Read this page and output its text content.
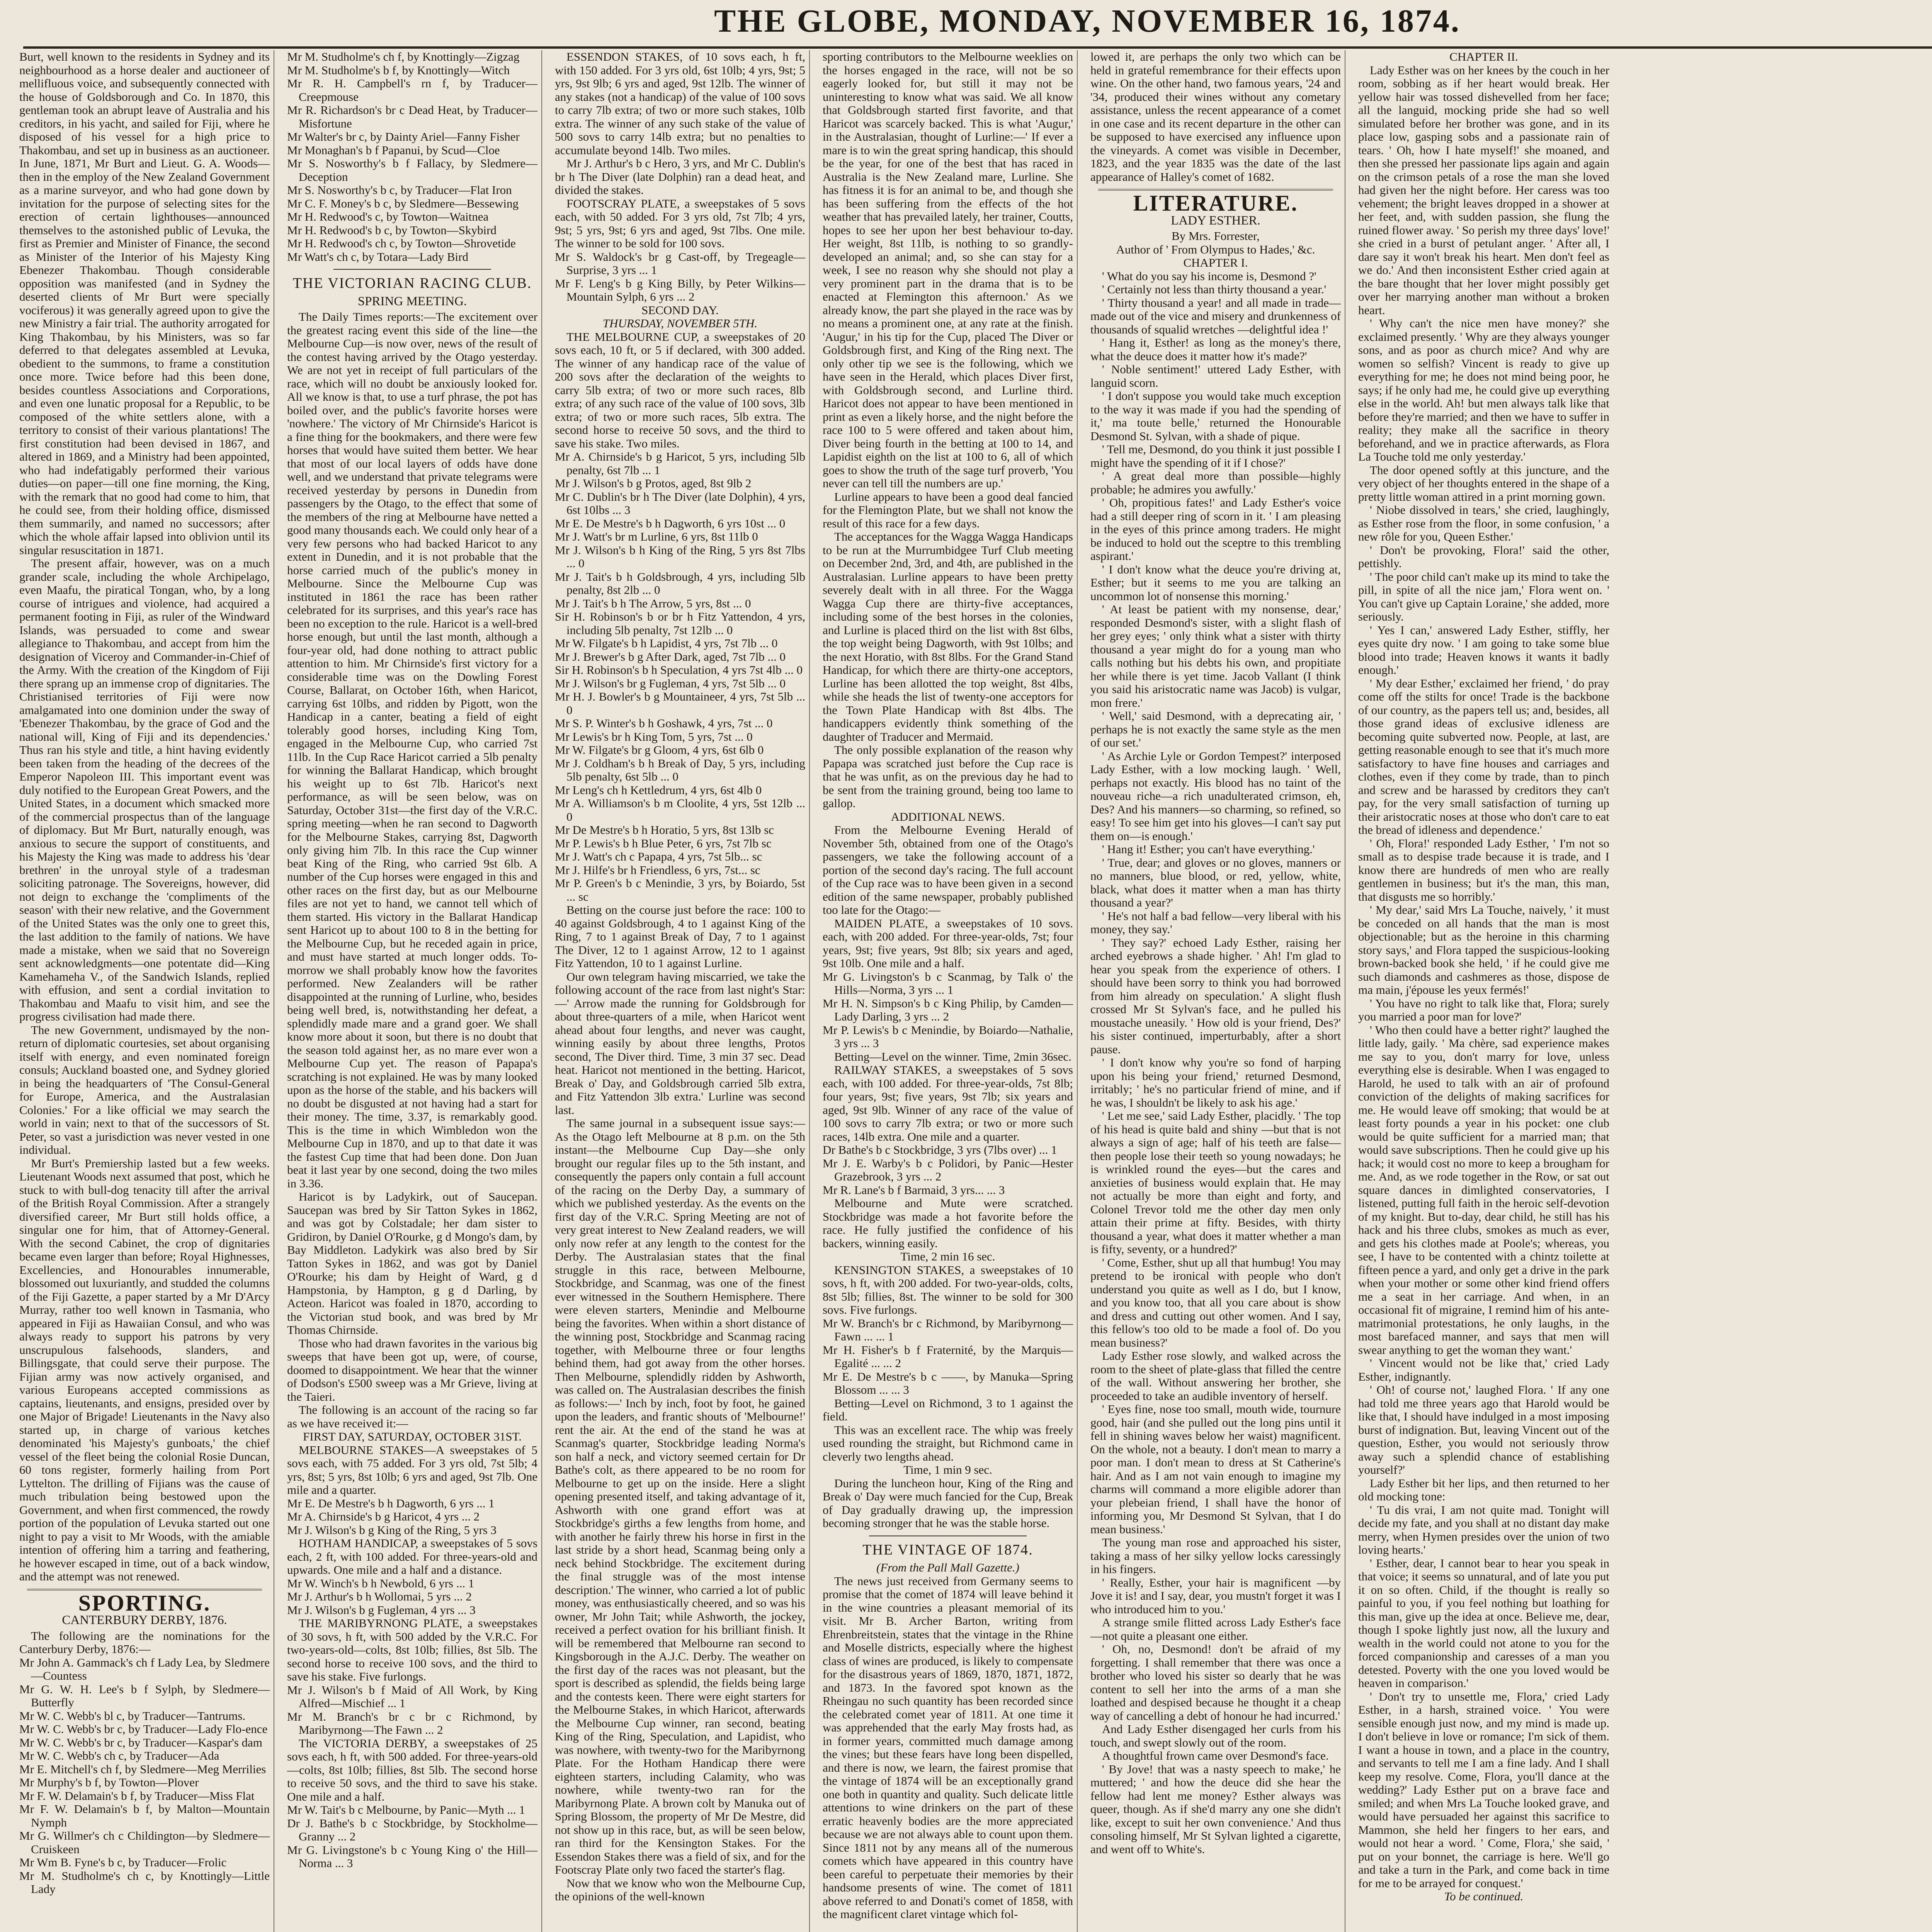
THE GLOBE, MONDAY, NOVEMBER 16, 1874.

Burt, well known to the residents in Sydney and its neighbourhood as a horse dealer and auctioneer of mellifluous voice, and subsequently connected with the house of Goldsborough and Co. In 1870, this gentleman took an abrupt leave of Australia and his creditors, in his yacht, and sailed for Fiji, where he disposed of his vessel for a high price to Thakombau, and set up in business as an auctioneer. In June, 1871, Mr Burt and Lieut. G. A. Woods—then in the employ of the New Zealand Government as a marine surveyor, and who had gone down by invitation for the purpose of selecting sites for the erection of certain lighthouses—announced themselves to the astonished public of Levuka, the first as Premier and Minister of Finance, the second as Minister of the Interior of his Majesty King Ebenezer Thakombau. Though considerable opposition was manifested (and in Sydney the deserted clients of Mr Burt were specially vociferous) it was generally agreed upon to give the new Ministry a fair trial. The authority arrogated for King Thakombau, by his Ministers, was so far deferred to that delegates assembled at Levuka, obedient to the summons, to frame a constitution once more. Twice before had this been done, besides countless Associations and Corporations, and even one lunatic proposal for a Republic, to be composed of the white settlers alone, with a territory to consist of their various plantations! The first constitution had been devised in 1867, and altered in 1869, and a Ministry had been appointed, who had indefatigably performed their various duties—on paper—till one fine morning, the King, with the remark that no good had come to him, that he could see, from their holding office, dismissed them summarily, and named no successors; after which the whole affair lapsed into oblivion until its singular resuscitation in 1871.

The present affair, however, was on a much grander scale, including the whole Archipelago, even Maafu, the piratical Tongan, who, by a long course of intrigues and violence, had acquired a permanent footing in Fiji, as ruler of the Windward Islands, was persuaded to come and swear allegiance to Thakombau, and accept from him the designation of Viceroy and Commander-in-Chief of the Army. With the creation of the Kingdom of Fiji there sprang up an immense crop of dignitaries. The Christianised territories of Fiji were now amalgamated into one dominion under the sway of 'Ebenezer Thakombau, by the grace of God and the national will, King of Fiji and its dependencies.' Thus ran his style and title, a hint having evidently been taken from the heading of the decrees of the Emperor Napoleon III. This important event was duly notified to the European Great Powers, and the United States, in a document which smacked more of the commercial prospectus than of the language of diplomacy. But Mr Burt, naturally enough, was anxious to secure the support of constituents, and his Majesty the King was made to address his 'dear brethren' in the unroyal style of a tradesman soliciting patronage. The Sovereigns, however, did not deign to exchange the 'compliments of the season' with their new relative, and the Government of the United States was the only one to greet this, the last addition to the family of nations. We have made a mistake, when we said that no Sovereign sent acknowledgments—one potentate did—King Kamehameha V., of the Sandwich Islands, replied with effusion, and sent a cordial invitation to Thakombau and Maafu to visit him, and see the progress civilisation had made there.

The new Government, undismayed by the non-return of diplomatic courtesies, set about organising itself with energy, and even nominated foreign consuls; Auckland boasted one, and Sydney gloried in being the headquarters of 'The Consul-General for Europe, America, and the Australasian Colonies.' For a like official we may search the world in vain; next to that of the successors of St. Peter, so vast a jurisdiction was never vested in one individual.

Mr Burt's Premiership lasted but a few weeks. Lieutenant Woods next assumed that post, which he stuck to with bull-dog tenacity till after the arrival of the British Royal Commission. After a strangely diversified career, Mr Burt still holds office, a singular one for him, that of Attorney-General. With the second Cabinet, the crop of dignitaries became even larger than before; Royal Highnesses, Excellencies, and Honourables innumerable, blossomed out luxuriantly, and studded the columns of the Fiji Gazette, a paper started by a Mr D'Arcy Murray, rather too well known in Tasmania, who appeared in Fiji as Hawaiian Consul, and who was always ready to support his patrons by very unscrupulous falsehoods, slanders, and Billingsgate, that could serve their purpose. The Fijian army was now actively organised, and various Europeans accepted commissions as captains, lieutenants, and ensigns, presided over by one Major of Brigade! Lieutenants in the Navy also started up, in charge of various ketches denominated 'his Majesty's gunboats,' the chief vessel of the fleet being the colonial Rosie Duncan, 60 tons register, formerly hailing from Port Lyttelton. The drilling of Fijians was the cause of much tribulation being bestowed upon the Government, and when first commenced, the rowdy portion of the population of Levuka started out one night to pay a visit to Mr Woods, with the amiable intention of offering him a tarring and feathering, he however escaped in time, out of a back window, and the attempt was not renewed.

SPORTING.
CANTERBURY DERBY, 1876.

The following are the nominations for the Canterbury Derby, 1876:—

Mr John A. Gammack's ch f Lady Lea, by Sledmere—Countess

Mr G. W. H. Lee's b f Sylph, by Sledmere—Butterfly

Mr W. C. Webb's bl c, by Traducer—Tantrums.

Mr W. C. Webb's br c, by Traducer—Lady Flo-ence

Mr W. C. Webb's br c, by Traducer—Kaspar's dam

Mr W. C. Webb's ch c, by Traducer—Ada

Mr E. Mitchell's ch f, by Sledmere—Meg Merrilies

Mr Murphy's b f, by Towton—Plover

Mr F. W. Delamain's b f, by Traducer—Miss Flat

Mr F. W. Delamain's b f, by Malton—Mountain Nymph

Mr G. Willmer's ch c Childington—by Sledmere—Cruiskeen

Mr Wm B. Fyne's b c, by Traducer—Frolic

Mr M. Studholme's ch c, by Knottingly—Little Lady

Mr M. Studholme's ch f, by Knottingly—Zigzag

Mr M. Studholme's b f, by Knottingly—Witch

Mr R. H. Campbell's rn f, by Traducer—Creepmouse

Mr R. Richardson's br c Dead Heat, by Traducer—Misfortune

Mr Walter's br c, by Dainty Ariel—Fanny Fisher

Mr Monaghan's b f Papanui, by Scud—Cloe

Mr S. Nosworthy's b f Fallacy, by Sledmere—Deception

Mr S. Nosworthy's b c, by Traducer—Flat Iron

Mr C. F. Money's b c, by Sledmere—Bessewing

Mr H. Redwood's c, by Towton—Waitnea

Mr H. Redwood's b c, by Towton—Skybird

Mr H. Redwood's ch c, by Towton—Shrovetide

Mr Watt's ch c, by Totara—Lady Bird

THE VICTORIAN RACING CLUB.
SPRING MEETING.

The Daily Times reports:—The excitement over the greatest racing event this side of the line—the Melbourne Cup—is now over, news of the result of the contest having arrived by the Otago yesterday. We are not yet in receipt of full particulars of the race, which will no doubt be anxiously looked for. All we know is that, to use a turf phrase, the pot has boiled over, and the public's favorite horses were 'nowhere.' The victory of Mr Chirnside's Haricot is a fine thing for the bookmakers, and there were few horses that would have suited them better. We hear that most of our local layers of odds have done well, and we understand that private telegrams were received yesterday by persons in Dunedin from passengers by the Otago, to the effect that some of the members of the ring at Melbourne have netted a good many thousands each. We could only hear of a very few persons who had backed Haricot to any extent in Dunedin, and it is not probable that the horse carried much of the public's money in Melbourne. Since the Melbourne Cup was instituted in 1861 the race has been rather celebrated for its surprises, and this year's race has been no exception to the rule. Haricot is a well-bred horse enough, but until the last month, although a four-year old, had done nothing to attract public attention to him. Mr Chirnside's first victory for a considerable time was on the Dowling Forest Course, Ballarat, on October 16th, when Haricot, carrying 6st 10lbs, and ridden by Pigott, won the Handicap in a canter, beating a field of eight tolerably good horses, including King Tom, engaged in the Melbourne Cup, who carried 7st 11lb. In the Cup Race Haricot carried a 5lb penalty for winning the Ballarat Handicap, which brought his weight up to 6st 7lb. Haricot's next performance, as will be seen below, was on Saturday, October 31st—the first day of the V.R.C. spring meeting—when he ran second to Dagworth for the Melbourne Stakes, carrying 8st, Dagworth only giving him 7lb. In this race the Cup winner beat King of the Ring, who carried 9st 6lb. A number of the Cup horses were engaged in this and other races on the first day, but as our Melbourne files are not yet to hand, we cannot tell which of them started. His victory in the Ballarat Handicap sent Haricot up to about 100 to 8 in the betting for the Melbourne Cup, but he receded again in price, and must have started at much longer odds. To-morrow we shall probably know how the favorites performed. New Zealanders will be rather disappointed at the running of Lurline, who, besides being well bred, is, notwithstanding her defeat, a splendidly made mare and a grand goer. We shall know more about it soon, but there is no doubt that the season told against her, as no mare ever won a Melbourne Cup yet. The reason of Papapa's scratching is not explained. He was by many looked upon as the horse of the stable, and his backers will no doubt be disgusted at not having had a start for their money. The time, 3.37, is remarkably good. This is the time in which Wimbledon won the Melbourne Cup in 1870, and up to that date it was the fastest Cup time that had been done. Don Juan beat it last year by one second, doing the two miles in 3.36.

Haricot is by Ladykirk, out of Saucepan. Saucepan was bred by Sir Tatton Sykes in 1862, and was got by Colstadale; her dam sister to Gridiron, by Daniel O'Rourke, g d Mongo's dam, by Bay Middleton. Ladykirk was also bred by Sir Tatton Sykes in 1862, and was got by Daniel O'Rourke; his dam by Height of Ward, g d Hampstonia, by Hampton, g g d Darling, by Acteon. Haricot was foaled in 1870, according to the Victorian stud book, and was bred by Mr Thomas Chirnside.

Those who had drawn favorites in the various big sweeps that have been got up, were, of course, doomed to disappointment. We hear that the winner of Dodson's £500 sweep was a Mr Grieve, living at the Taieri.

The following is an account of the racing so far as we have received it:—

FIRST DAY, SATURDAY, OCTOBER 31ST.

MELBOURNE STAKES—A sweepstakes of 5 sovs each, with 75 added. For 3 yrs old, 7st 5lb; 4 yrs, 8st; 5 yrs, 8st 10lb; 6 yrs and aged, 9st 7lb. One mile and a quarter.

Mr E. De Mestre's b h Dagworth, 6 yrs ... 1

Mr A. Chirnside's b g Haricot, 4 yrs ... 2

Mr J. Wilson's b g King of the Ring, 5 yrs 3

HOTHAM HANDICAP, a sweepstakes of 5 sovs each, 2 ft, with 100 added. For three-years-old and upwards. One mile and a half and a distance.

Mr W. Winch's b h Newbold, 6 yrs ... 1

Mr J. Arthur's b h Wollomai, 5 yrs ... 2

Mr J. Wilson's b g Fugleman, 4 yrs ... 3

THE MARIBYRNONG PLATE, a sweepstakes of 30 sovs, h ft, with 500 added by the V.R.C. For two-years-old—colts, 8st 10lb; fillies, 8st 5lb. The second horse to receive 100 sovs, and the third to save his stake. Five furlongs.

Mr J. Wilson's b f Maid of All Work, by King Alfred—Mischief ... 1

Mr M. Branch's br c br c Richmond, by Maribyrnong—The Fawn ... 2

The VICTORIA DERBY, a sweepstakes of 25 sovs each, h ft, with 500 added. For three-years-old—colts, 8st 10lb; fillies, 8st 5lb. The second horse to receive 50 sovs, and the third to save his stake. One mile and a half.

Mr W. Tait's b c Melbourne, by Panic—Myth ... 1

Dr J. Bathe's b c Stockbridge, by Stockholme—Granny ... 2

Mr G. Livingstone's b c Young King o' the Hill—Norma ... 3

ESSENDON STAKES, of 10 sovs each, h ft, with 150 added. For 3 yrs old, 6st 10lb; 4 yrs, 9st; 5 yrs, 9st 9lb; 6 yrs and aged, 9st 12lb. The winner of any stakes (not a handicap) of the value of 100 sovs to carry 7lb extra; of two or more such stakes, 10lb extra. The winner of any such stake of the value of 500 sovs to carry 14lb extra; but no penalties to accumulate beyond 14lb. Two miles.

Mr J. Arthur's b c Hero, 3 yrs, and Mr C. Dublin's br h The Diver (late Dolphin) ran a dead heat, and divided the stakes.

FOOTSCRAY PLATE, a sweepstakes of 5 sovs each, with 50 added. For 3 yrs old, 7st 7lb; 4 yrs, 9st; 5 yrs, 9st; 6 yrs and aged, 9st 7lbs. One mile. The winner to be sold for 100 sovs.

Mr S. Waldock's br g Cast-off, by Tregeagle—Surprise, 3 yrs ... 1

Mr F. Leng's b g King Billy, by Peter Wilkins—Mountain Sylph, 6 yrs ... 2

SECOND DAY.

THURSDAY, NOVEMBER 5TH.

THE MELBOURNE CUP, a sweepstakes of 20 sovs each, 10 ft, or 5 if declared, with 300 added. The winner of any handicap race of the value of 200 sovs after the declaration of the weights to carry 5lb extra; of two or more such races, 8lb extra; of any such race of the value of 100 sovs, 3lb extra; of two or more such races, 5lb extra. The second horse to receive 50 sovs, and the third to save his stake. Two miles.

Mr A. Chirnside's b g Haricot, 5 yrs, including 5lb penalty, 6st 7lb ... 1

Mr J. Wilson's b g Protos, aged, 8st 9lb 2

Mr C. Dublin's br h The Diver (late Dolphin), 4 yrs, 6st 10lbs ... 3

Mr E. De Mestre's b h Dagworth, 6 yrs 10st ... 0

Mr J. Watt's br m Lurline, 6 yrs, 8st 11lb 0

Mr J. Wilson's b h King of the Ring, 5 yrs 8st 7lbs ... 0

Mr J. Tait's b h Goldsbrough, 4 yrs, including 5lb penalty, 8st 2lb ... 0

Mr J. Tait's b h The Arrow, 5 yrs, 8st ... 0

Sir H. Robinson's b or br h Fitz Yattendon, 4 yrs, including 5lb penalty, 7st 12lb ... 0

Mr W. Filgate's b h Lapidist, 4 yrs, 7st 7lb ... 0

Mr J. Brewer's b g After Dark, aged, 7st 7lb ... 0

Sir H. Robinson's b h Speculation, 4 yrs 7st 4lb ... 0

Mr J. Wilson's br g Fugleman, 4 yrs, 7st 5lb ... 0

Mr H. J. Bowler's b g Mountaineer, 4 yrs, 7st 5lb ... 0

Mr S. P. Winter's b h Goshawk, 4 yrs, 7st ... 0

Mr Lewis's br h King Tom, 5 yrs, 7st ... 0

Mr W. Filgate's br g Gloom, 4 yrs, 6st 6lb 0

Mr J. Coldham's b h Break of Day, 5 yrs, including 5lb penalty, 6st 5lb ... 0

Mr Leng's ch h Kettledrum, 4 yrs, 6st 4lb 0

Mr A. Williamson's b m Cloolite, 4 yrs, 5st 12lb ... 0

Mr De Mestre's b h Horatio, 5 yrs, 8st 13lb sc

Mr P. Lewis's b h Blue Peter, 6 yrs, 7st 7lb sc

Mr J. Watt's ch c Papapa, 4 yrs, 7st 5lb... sc

Mr J. Hilfe's br h Friendless, 6 yrs, 7st... sc

Mr P. Green's b c Menindie, 3 yrs, by Boiardo, 5st ... sc

Betting on the course just before the race: 100 to 40 against Goldsbrough, 4 to 1 against King of the Ring, 7 to 1 against Break of Day, 7 to 1 against The Diver, 12 to 1 against Arrow, 12 to 1 against Fitz Yattendon, 10 to 1 against Lurline.

Our own telegram having miscarried, we take the following account of the race from last night's Star:—' Arrow made the running for Goldsbrough for about three-quarters of a mile, when Haricot went ahead about four lengths, and never was caught, winning easily by about three lengths, Protos second, The Diver third. Time, 3 min 37 sec. Dead heat. Haricot not mentioned in the betting. Haricot, Break o' Day, and Goldsbrough carried 5lb extra, and Fitz Yattendon 3lb extra.' Lurline was second last.

The same journal in a subsequent issue says:—As the Otago left Melbourne at 8 p.m. on the 5th instant—the Melbourne Cup Day—she only brought our regular files up to the 5th instant, and consequently the papers only contain a full account of the racing on the Derby Day, a summary of which we published yesterday. As the events on the first day of the V.R.C. Spring Meeting are not of very great interest to New Zealand readers, we will only now refer at any length to the contest for the Derby. The Australasian states that the final struggle in this race, between Melbourne, Stockbridge, and Scanmag, was one of the finest ever witnessed in the Southern Hemisphere. There were eleven starters, Menindie and Melbourne being the favorites. When within a short distance of the winning post, Stockbridge and Scanmag racing together, with Melbourne three or four lengths behind them, had got away from the other horses. Then Melbourne, splendidly ridden by Ashworth, was called on. The Australasian describes the finish as follows:—' Inch by inch, foot by foot, he gained upon the leaders, and frantic shouts of 'Melbourne!' rent the air. At the end of the stand he was at Scanmag's quarter, Stockbridge leading Norma's son half a neck, and victory seemed certain for Dr Bathe's colt, as there appeared to be no room for Melbourne to get up on the inside. Here a slight opening presented itself, and taking advantage of it, Ashworth with one grand effort was at Stockbridge's girths a few lengths from home, and with another he fairly threw his horse in first in the last stride by a short head, Scanmag being only a neck behind Stockbridge. The excitement during the final struggle was of the most intense description.' The winner, who carried a lot of public money, was enthusiastically cheered, and so was his owner, Mr John Tait; while Ashworth, the jockey, received a perfect ovation for his brilliant finish. It will be remembered that Melbourne ran second to Kingsborough in the A.J.C. Derby. The weather on the first day of the races was not pleasant, but the sport is described as splendid, the fields being large and the contests keen. There were eight starters for the Melbourne Stakes, in which Haricot, afterwards the Melbourne Cup winner, ran second, beating King of the Ring, Speculation, and Lapidist, who was nowhere, with twenty-two for the Maribyrnong Plate. For the Hotham Handicap there were eighteen starters, including Calamity, who was nowhere, while twenty-two ran for the Maribyrnong Plate. A brown colt by Manuka out of Spring Blossom, the property of Mr De Mestre, did not show up in this race, but, as will be seen below, ran third for the Kensington Stakes. For the Essendon Stakes there was a field of six, and for the Footscray Plate only two faced the starter's flag.

Now that we know who won the Melbourne Cup, the opinions of the well-known

sporting contributors to the Melbourne weeklies on the horses engaged in the race, will not be so eagerly looked for, but still it may not be uninteresting to know what was said. We all know that Goldsbrough started first favorite, and that Haricot was scarcely backed. This is what 'Augur,' in the Australasian, thought of Lurline:—' If ever a mare is to win the great spring handicap, this should be the year, for one of the best that has raced in Australia is the New Zealand mare, Lurline. She has fitness it is for an animal to be, and though she has been suffering from the effects of the hot weather that has prevailed lately, her trainer, Coutts, hopes to see her upon her best behaviour to-day. Her weight, 8st 11lb, is nothing to so grandly-developed an animal; and, so she can stay for a week, I see no reason why she should not play a very prominent part in the drama that is to be enacted at Flemington this afternoon.' As we already know, the part she played in the race was by no means a prominent one, at any rate at the finish. 'Augur,' in his tip for the Cup, placed The Diver or Goldsbrough first, and King of the Ring next. The only other tip we see is the following, which we have seen in the Herald, which places Diver first, with Goldsbrough second, and Lurline third. Haricot does not appear to have been mentioned in print as even a likely horse, and the night before the race 100 to 5 were offered and taken about him, Diver being fourth in the betting at 100 to 14, and Lapidist eighth on the list at 100 to 6, all of which goes to show the truth of the sage turf proverb, 'You never can tell till the numbers are up.'

Lurline appears to have been a good deal fancied for the Flemington Plate, but we shall not know the result of this race for a few days.

The acceptances for the Wagga Wagga Handicaps to be run at the Murrumbidgee Turf Club meeting on December 2nd, 3rd, and 4th, are published in the Australasian. Lurline appears to have been pretty severely dealt with in all three. For the Wagga Wagga Cup there are thirty-five acceptances, including some of the best horses in the colonies, and Lurline is placed third on the list with 8st 6lbs, the top weight being Dagworth, with 9st 10lbs; and the next Horatio, with 8st 8lbs. For the Grand Stand Handicap, for which there are thirty-one acceptors, Lurline has been allotted the top weight, 8st 4lbs, while she heads the list of twenty-one acceptors for the Town Plate Handicap with 8st 4lbs. The handicappers evidently think something of the daughter of Traducer and Mermaid.

The only possible explanation of the reason why Papapa was scratched just before the Cup race is that he was unfit, as on the previous day he had to be sent from the training ground, being too lame to gallop.

ADDITIONAL NEWS.

From the Melbourne Evening Herald of November 5th, obtained from one of the Otago's passengers, we take the following account of a portion of the second day's racing. The full account of the Cup race was to have been given in a second edition of the same newspaper, probably published too late for the Otago:—

MAIDEN PLATE, a sweepstakes of 10 sovs. each, with 200 added. For three-year-olds, 7st; four years, 9st; five years, 9st 8lb; six years and aged, 9st 10lb. One mile and a half.

Mr G. Livingston's b c Scanmag, by Talk o' the Hills—Norma, 3 yrs ... 1

Mr H. N. Simpson's b c King Philip, by Camden—Lady Darling, 3 yrs ... 2

Mr P. Lewis's b c Menindie, by Boiardo—Nathalie, 3 yrs ... 3

Betting—Level on the winner. Time, 2min 36sec.

RAILWAY STAKES, a sweepstakes of 5 sovs each, with 100 added. For three-year-olds, 7st 8lb; four years, 9st; five years, 9st 7lb; six years and aged, 9st 9lb. Winner of any race of the value of 100 sovs to carry 7lb extra; or two or more such races, 14lb extra. One mile and a quarter.

Dr Bathe's b c Stockbridge, 3 yrs (7lbs over) ... 1

Mr J. E. Warby's b c Polidori, by Panic—Hester Grazebrook, 3 yrs ... 2

Mr R. Lane's b f Barmaid, 3 yrs... ... 3

Melbourne and Mute were scratched. Stockbridge was made a hot favorite before the race. He fully justified the confidence of his backers, winning easily.

Time, 2 min 16 sec.

KENSINGTON STAKES, a sweepstakes of 10 sovs, h ft, with 200 added. For two-year-olds, colts, 8st 5lb; fillies, 8st. The winner to be sold for 300 sovs. Five furlongs.

Mr W. Branch's br c Richmond, by Maribyrnong—Fawn ... ... 1

Mr H. Fisher's b f Fraternité, by the Marquis—Egalité ... ... 2

Mr E. De Mestre's b c ——, by Manuka—Spring Blossom ... ... 3

Betting—Level on Richmond, 3 to 1 against the field.

This was an excellent race. The whip was freely used rounding the straight, but Richmond came in cleverly two lengths ahead.

Time, 1 min 9 sec.

During the luncheon hour, King of the Ring and Break o' Day were much fancied for the Cup, Break of Day gradually drawing up, the impression becoming stronger that he was the stable horse.

THE VINTAGE OF 1874.

(From the Pall Mall Gazette.)

The news just received from Germany seems to promise that the comet of 1874 will leave behind it in the wine countries a pleasant memorial of its visit. Mr B. Archer Barton, writing from Ehrenbreitstein, states that the vintage in the Rhine and Moselle districts, especially where the highest class of wines are produced, is likely to compensate for the disastrous years of 1869, 1870, 1871, 1872, and 1873. In the favored spot known as the Rheingau no such quantity has been recorded since the celebrated comet year of 1811. At one time it was apprehended that the early May frosts had, as in former years, committed much damage among the vines; but these fears have long been dispelled, and there is now, we learn, the fairest promise that the vintage of 1874 will be an exceptionally grand one both in quantity and quality. Such delicate little attentions to wine drinkers on the part of these erratic heavenly bodies are the more appreciated because we are not always able to count upon them. Since 1811 not by any means all of the numerous comets which have appeared in this country have been careful to perpetuate their memories by their handsome presents of wine. The comet of 1811 above referred to and Donati's comet of 1858, with the magnificent claret vintage which fol-

lowed it, are perhaps the only two which can be held in grateful remembrance for their effects upon wine. On the other hand, two famous years, '24 and '34, produced their wines without any cometary assistance, unless the recent appearance of a comet in one case and its recent departure in the other can be supposed to have exercised any influence upon the vineyards. A comet was visible in December, 1823, and the year 1835 was the date of the last appearance of Halley's comet of 1682.

LITERATURE.
LADY ESTHER.

By Mrs. Forrester,

Author of ' From Olympus to Hades,' &c.

CHAPTER I.

' What do you say his income is, Desmond ?'

' Certainly not less than thirty thousand a year.'

' Thirty thousand a year! and all made in trade—made out of the vice and misery and drunkenness of thousands of squalid wretches —delightful idea !'

' Hang it, Esther! as long as the money's there, what the deuce does it matter how it's made?'

' Noble sentiment!' uttered Lady Esther, with languid scorn.

' I don't suppose you would take much exception to the way it was made if you had the spending of it,' ma toute belle,' returned the Honourable Desmond St. Sylvan, with a shade of pique.

' Tell me, Desmond, do you think it just possible I might have the spending of it if I chose?'

' A great deal more than possible—highly probable; he admires you awfully.'

' Oh, propitious fates!' and Lady Esther's voice had a still deeper ring of scorn in it. ' I am pleasing in the eyes of this prince among traders. He might be induced to hold out the sceptre to this trembling aspirant.'

' I don't know what the deuce you're driving at, Esther; but it seems to me you are talking an uncommon lot of nonsense this morning.'

' At least be patient with my nonsense, dear,' responded Desmond's sister, with a slight flash of her grey eyes; ' only think what a sister with thirty thousand a year might do for a young man who calls nothing but his debts his own, and propitiate her while there is yet time. Jacob Vallant (I think you said his aristocratic name was Jacob) is vulgar, mon frere.'

' Well,' said Desmond, with a deprecating air, ' perhaps he is not exactly the same style as the men of our set.'

' As Archie Lyle or Gordon Tempest?' interposed Lady Esther, with a low mocking laugh. ' Well, perhaps not exactly. His blood has no taint of the nouveau riche—a rich unadulterated crimson, eh, Des? And his manners—so charming, so refined, so easy! To see him get into his gloves—I can't say put them on—is enough.'

' Hang it! Esther; you can't have everything.'

' True, dear; and gloves or no gloves, manners or no manners, blue blood, or red, yellow, white, black, what does it matter when a man has thirty thousand a year?'

' He's not half a bad fellow—very liberal with his money, they say.'

' They say?' echoed Lady Esther, raising her arched eyebrows a shade higher. ' Ah! I'm glad to hear you speak from the experience of others. I should have been sorry to think you had borrowed from him already on speculation.' A slight flush crossed Mr St Sylvan's face, and he pulled his moustache uneasily. ' How old is your friend, Des?' his sister continued, imperturbably, after a short pause.

' I don't know why you're so fond of harping upon his being your friend,' returned Desmond, irritably; ' he's no particular friend of mine, and if he was, I shouldn't be likely to ask his age.'

' Let me see,' said Lady Esther, placidly. ' The top of his head is quite bald and shiny —but that is not always a sign of age; half of his teeth are false—then people lose their teeth so young nowadays; he is wrinkled round the eyes—but the cares and anxieties of business would explain that. He may not actually be more than eight and forty, and Colonel Trevor told me the other day men only attain their prime at fifty. Besides, with thirty thousand a year, what does it matter whether a man is fifty, seventy, or a hundred?'

' Come, Esther, shut up all that humbug! You may pretend to be ironical with people who don't understand you quite as well as I do, but I know, and you know too, that all you care about is show and dress and cutting out other women. And I say, this fellow's too old to be made a fool of. Do you mean business?'

Lady Esther rose slowly, and walked across the room to the sheet of plate-glass that filled the centre of the wall. Without answering her brother, she proceeded to take an audible inventory of herself.

' Eyes fine, nose too small, mouth wide, tournure good, hair (and she pulled out the long pins until it fell in shining waves below her waist) magnificent. On the whole, not a beauty. I don't mean to marry a poor man. I don't mean to dress at St Catherine's hair. And as I am not vain enough to imagine my charms will command a more eligible adorer than your plebeian friend, I shall have the honor of informing you, Mr Desmond St Sylvan, that I do mean business.'

The young man rose and approached his sister, taking a mass of her silky yellow locks caressingly in his fingers.

' Really, Esther, your hair is magnificent —by Jove it is! and I say, dear, you mustn't forget it was I who introduced him to you.'

A strange smile flitted across Lady Esther's face—not quite a pleasant one either.

' Oh, no, Desmond! don't be afraid of my forgetting. I shall remember that there was once a brother who loved his sister so dearly that he was content to sell her into the arms of a man she loathed and despised because he thought it a cheap way of cancelling a debt of honour he had incurred.'

And Lady Esther disengaged her curls from his touch, and swept slowly out of the room.

A thoughtful frown came over Desmond's face.

' By Jove! that was a nasty speech to make,' he muttered; ' and how the deuce did she hear the fellow had lent me money? Esther always was queer, though. As if she'd marry any one she didn't like, except to suit her own convenience.' And thus consoling himself, Mr St Sylvan lighted a cigarette, and went off to White's.

CHAPTER II.

Lady Esther was on her knees by the couch in her room, sobbing as if her heart would break. Her yellow hair was tossed dishevelled from her face; all the languid, mocking pride she had so well simulated before her brother was gone, and in its place low, gasping sobs and a passionate rain of tears. ' Oh, how I hate myself!' she moaned, and then she pressed her passionate lips again and again on the crimson petals of a rose the man she loved had given her the night before. Her caress was too vehement; the bright leaves dropped in a shower at her feet, and, with sudden passion, she flung the ruined flower away. ' So perish my three days' love!' she cried in a burst of petulant anger. ' After all, I dare say it won't break his heart. Men don't feel as we do.' And then inconsistent Esther cried again at the bare thought that her lover might possibly get over her marrying another man without a broken heart.

' Why can't the nice men have money?' she exclaimed presently. ' Why are they always younger sons, and as poor as church mice? And why are women so selfish? Vincent is ready to give up everything for me; he does not mind being poor, he says; if he only had me, he could give up everything else in the world. Ah! but men always talk like that before they're married; and then we have to suffer in reality; they make all the sacrifice in theory beforehand, and we in practice afterwards, as Flora La Touche told me only yesterday.'

The door opened softly at this juncture, and the very object of her thoughts entered in the shape of a pretty little woman attired in a print morning gown.

' Niobe dissolved in tears,' she cried, laughingly, as Esther rose from the floor, in some confusion, ' a new rôle for you, Queen Esther.'

' Don't be provoking, Flora!' said the other, pettishly.

' The poor child can't make up its mind to take the pill, in spite of all the nice jam,' Flora went on. ' You can't give up Captain Loraine,' she added, more seriously.

' Yes I can,' answered Lady Esther, stiffly, her eyes quite dry now. ' I am going to take some blue blood into trade; Heaven knows it wants it badly enough.'

' My dear Esther,' exclaimed her friend, ' do pray come off the stilts for once! Trade is the backbone of our country, as the papers tell us; and, besides, all those grand ideas of exclusive idleness are becoming quite subverted now. People, at last, are getting reasonable enough to see that it's much more satisfactory to have fine houses and carriages and clothes, even if they come by trade, than to pinch and screw and be harassed by creditors they can't pay, for the very small satisfaction of turning up their aristocratic noses at those who don't care to eat the bread of idleness and dependence.'

' Oh, Flora!' responded Lady Esther, ' I'm not so small as to despise trade because it is trade, and I know there are hundreds of men who are really gentlemen in business; but it's the man, this man, that disgusts me so horribly.'

' My dear,' said Mrs La Touche, naively, ' it must be conceded on all hands that the man is most objectionable; but as the heroine in this charming story says,' and Flora tapped the suspicious-looking brown-backed book she held, ' if he could give me such diamonds and cashmeres as those, dispose de ma main, j'épouse les yeux fermés!'

' You have no right to talk like that, Flora; surely you married a poor man for love?'

' Who then could have a better right?' laughed the little lady, gaily. ' Ma chère, sad experience makes me say to you, don't marry for love, unless everything else is desirable. When I was engaged to Harold, he used to talk with an air of profound conviction of the delights of making sacrifices for me. He would leave off smoking; that would be at least forty pounds a year in his pocket: one club would be quite sufficient for a married man; that would save subscriptions. Then he could give up his hack; it would cost no more to keep a brougham for me. And, as we rode together in the Row, or sat out square dances in dimlighted conservatories, I listened, putting full faith in the heroic self-devotion of my knight. But to-day, dear child, he still has his hack and his three clubs, smokes as much as ever, and gets his clothes made at Poole's; whereas, you see, I have to be contented with a chintz toilette at fifteen pence a yard, and only get a drive in the park when your mother or some other kind friend offers me a seat in her carriage. And when, in an occasional fit of migraine, I remind him of his ante-matrimonial protestations, he only laughs, in the most barefaced manner, and says that men will swear anything to get the woman they want.'

' Vincent would not be like that,' cried Lady Esther, indignantly.

' Oh! of course not,' laughed Flora. ' If any one had told me three years ago that Harold would be like that, I should have indulged in a most imposing burst of indignation. But, leaving Vincent out of the question, Esther, you would not seriously throw away such a splendid chance of establishing yourself?'

Lady Esther bit her lips, and then returned to her old mocking tone:

' Tu dis vrai, I am not quite mad. Tonight will decide my fate, and you shall at no distant day make merry, when Hymen presides over the union of two loving hearts.'

' Esther, dear, I cannot bear to hear you speak in that voice; it seems so unnatural, and of late you put it on so often. Child, if the thought is really so painful to you, if you feel nothing but loathing for this man, give up the idea at once. Believe me, dear, though I spoke lightly just now, all the luxury and wealth in the world could not atone to you for the forced companionship and caresses of a man you detested. Poverty with the one you loved would be heaven in comparison.'

' Don't try to unsettle me, Flora,' cried Lady Esther, in a harsh, strained voice. ' You were sensible enough just now, and my mind is made up. I don't believe in love or romance; I'm sick of them. I want a house in town, and a place in the country, and servants to tell me I am a fine lady. And I shall keep my resolve. Come, Flora, you'll dance at the wedding?' Lady Esther put on a brave face and smiled; and when Mrs La Touche looked grave, and would have persuaded her against this sacrifice to Mammon, she held her fingers to her ears, and would not hear a word. ' Come, Flora,' she said, ' put on your bonnet, the carriage is here. We'll go and take a turn in the Park, and come back in time for me to be arrayed for conquest.'

To be continued.
